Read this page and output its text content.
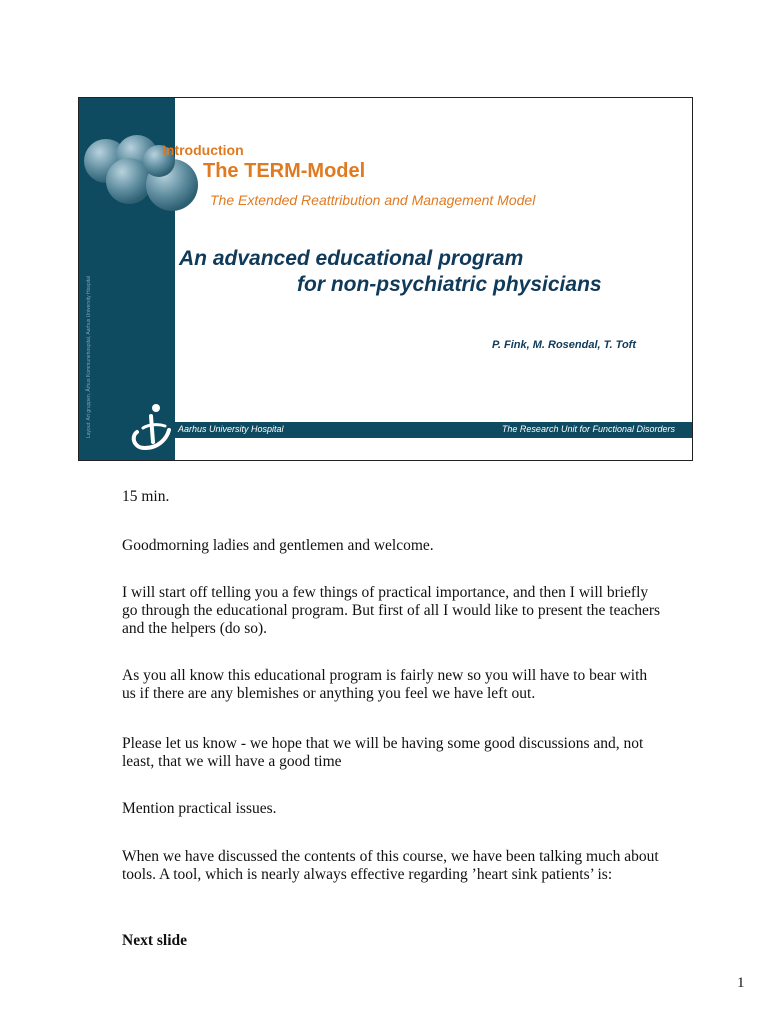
Layout: Art gruppen, Århus Kommunehospital, Aarhus University Hospital
Introduction
The TERM-Model
The Extended Reattribution and Management Model
An advanced educational program
for non-psychiatric physicians
P. Fink, M. Rosendal, T. Toft
Aarhus University Hospital	The Research Unit for Functional Disorders

15 min.

Goodmorning ladies and gentlemen and welcome.

I will start off telling you a few things of practical importance, and then I will briefly go through the educational program. But first of all I would like to present the teachers and the helpers (do so).

As you all know this educational program is fairly new so you will have to bear with us if there are any blemishes or anything you feel we have left out.

Please let us know - we hope that we will be having some good discussions and, not least, that we will have a good time

Mention practical issues.

When we have discussed the contents of this course, we have been talking much about tools. A tool, which is nearly always effective regarding ’heart sink patients’ is:

Next slide

1
